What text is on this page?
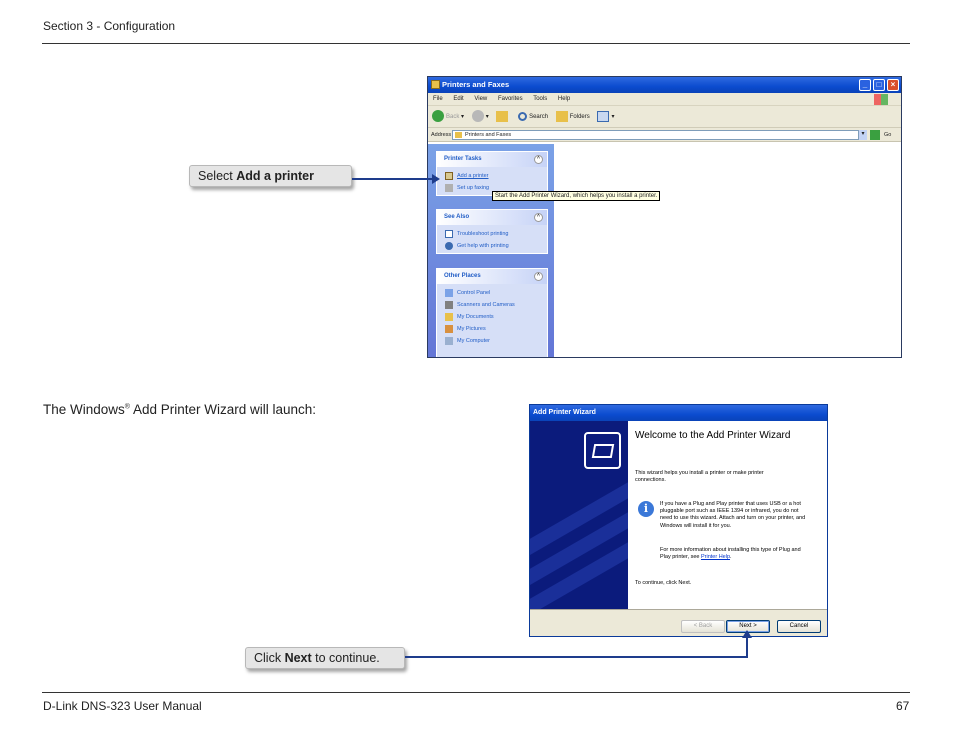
Section 3 - Configuration
Printers and Faxes	_	□	×
File Edit View Favorites Tools Help
Back ▾	▾	Search	Folders	▾
Address	Printers and Faxes	▾	Go
Printer Tasks	^
Add a printer
Set up faxing
See Also	^
Troubleshoot printing
Get help with printing
Other Places	^
Control Panel
Scanners and Cameras
My Documents
My Pictures
My Computer
Start the Add Printer Wizard, which helps you install a printer.
Select Add a printer
The Windows® Add Printer Wizard will launch:	Add Printer Wizard
Welcome to the Add Printer Wizard
This wizard helps you install a printer or make printer connections.
i	If you have a Plug and Play printer that uses USB or a hot pluggable port such as IEEE 1394 or infrared, you do not need to use this wizard. Attach and turn on your printer, and Windows will install it for you.
For more information about installing this type of Plug and Play printer, see Printer Help.
To continue, click Next.
< Back	Next >	Cancel
Click Next to continue.
D-Link DNS-323 User Manual	67
